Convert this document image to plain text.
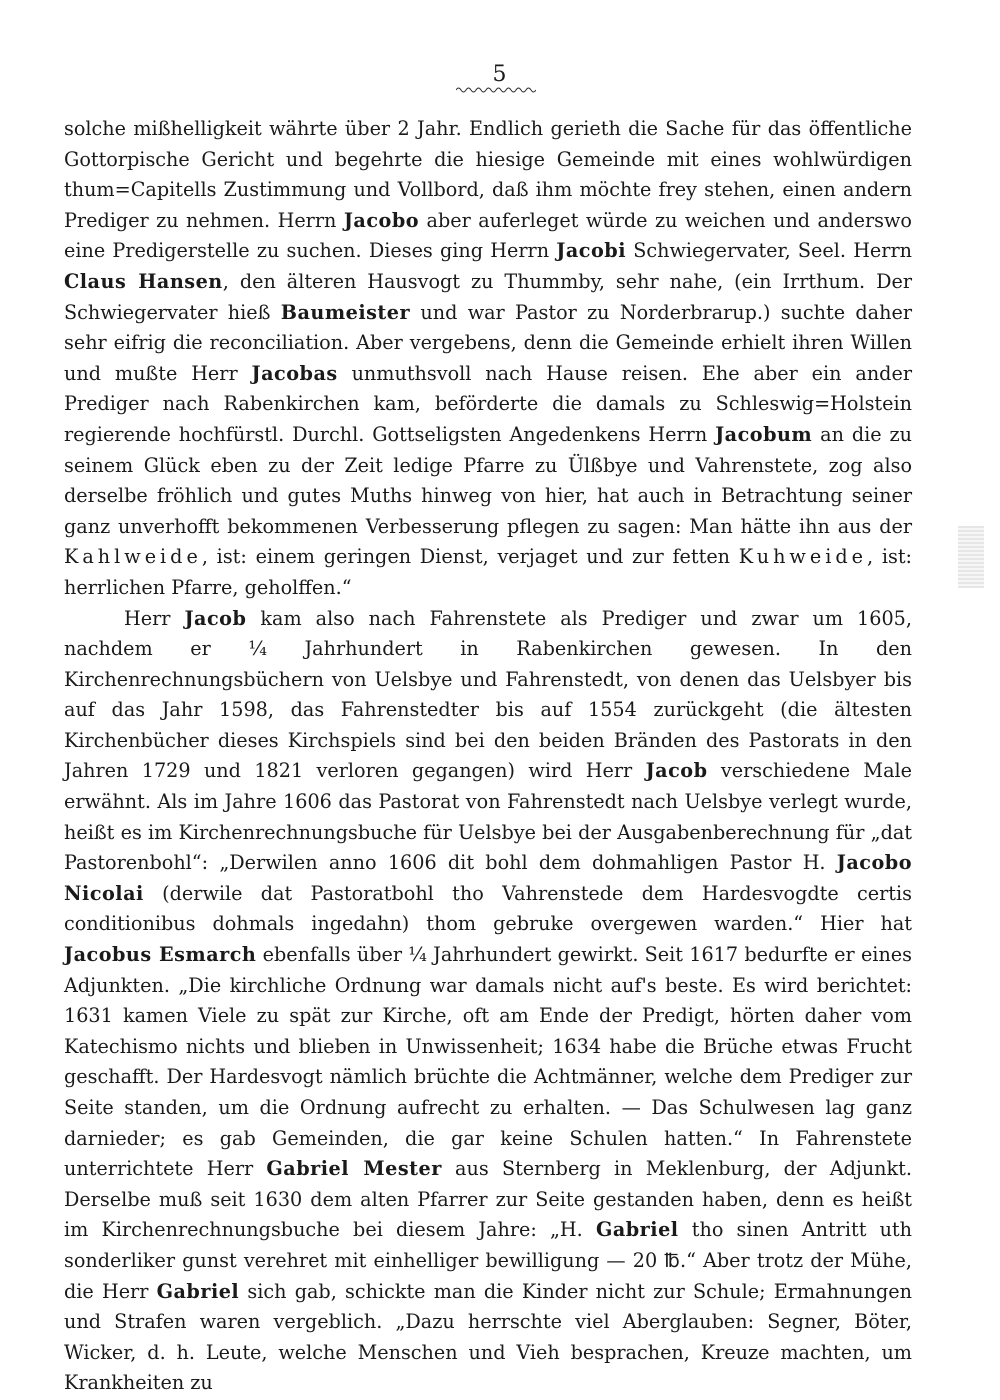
5

solche mißhelligkeit währte über 2 Jahr. Endlich gerieth die Sache für das öffentliche Gottorpische Gericht und begehrte die hiesige Gemeinde mit eines wohlwürdigen thum=Capitells Zustimmung und Vollbord, daß ihm möchte frey stehen, einen andern Prediger zu nehmen. Herrn Jacobo aber auferleget würde zu weichen und anderswo eine Predigerstelle zu suchen. Dieses ging Herrn Jacobi Schwiegervater, Seel. Herrn Claus Hansen, den älteren Hausvogt zu Thummby, sehr nahe, (ein Irrthum. Der Schwiegervater hieß Baumeister und war Pastor zu Norderbrarup.) suchte daher sehr eifrig die reconciliation. Aber vergebens, denn die Gemeinde erhielt ihren Willen und mußte Herr Jacobas unmuthsvoll nach Hause reisen. Ehe aber ein ander Prediger nach Rabenkirchen kam, beförderte die damals zu Schleswig=Holstein regierende hochfürstl. Durchl. Gottseligsten Angedenkens Herrn Jacobum an die zu seinem Glück eben zu der Zeit ledige Pfarre zu Ülßbye und Vahrenstete, zog also derselbe fröhlich und gutes Muths hinweg von hier, hat auch in Betrachtung seiner ganz unverhofft bekommenen Verbesserung pflegen zu sagen: Man hätte ihn aus der Kahlweide, ist: einem geringen Dienst, verjaget und zur fetten Kuhweide, ist: herrlichen Pfarre, geholffen.“

Herr Jacob kam also nach Fahrenstete als Prediger und zwar um 1605, nachdem er ¼ Jahrhundert in Rabenkirchen gewesen. In den Kirchenrechnungsbüchern von Uelsbye und Fahrenstedt, von denen das Uelsbyer bis auf das Jahr 1598, das Fahrenstedter bis auf 1554 zurückgeht (die ältesten Kirchenbücher dieses Kirchspiels sind bei den beiden Bränden des Pastorats in den Jahren 1729 und 1821 verloren gegangen) wird Herr Jacob verschiedene Male erwähnt. Als im Jahre 1606 das Pastorat von Fahrenstedt nach Uelsbye verlegt wurde, heißt es im Kirchenrechnungsbuche für Uelsbye bei der Ausgabenberechnung für „dat Pastorenbohl“: „Derwilen anno 1606 dit bohl dem dohmahligen Pastor H. Jacobo Nicolai (derwile dat Pastoratbohl tho Vahrenstede dem Hardesvogdte certis conditionibus dohmals ingedahn) thom gebruke overgewen warden.“ Hier hat Jacobus Esmarch ebenfalls über ¼ Jahrhundert gewirkt. Seit 1617 bedurfte er eines Adjunkten. „Die kirchliche Ordnung war damals nicht auf's beste. Es wird berichtet: 1631 kamen Viele zu spät zur Kirche, oft am Ende der Predigt, hörten daher vom Katechismo nichts und blieben in Unwissenheit; 1634 habe die Brüche etwas Frucht geschafft. Der Hardesvogt nämlich brüchte die Achtmänner, welche dem Prediger zur Seite standen, um die Ordnung aufrecht zu erhalten. — Das Schulwesen lag ganz darnieder; es gab Gemeinden, die gar keine Schulen hatten.“ In Fahrenstete unterrichtete Herr Gabriel Mester aus Sternberg in Meklenburg, der Adjunkt. Derselbe muß seit 1630 dem alten Pfarrer zur Seite gestanden haben, denn es heißt im Kirchenrechnungsbuche bei diesem Jahre: „H. Gabriel tho sinen Antritt uth sonderliker gunst verehret mit einhelliger bewilligung — 20 ℔.“ Aber trotz der Mühe, die Herr Gabriel sich gab, schickte man die Kinder nicht zur Schule; Ermahnungen und Strafen waren vergeblich. „Dazu herrschte viel Aberglauben: Segner, Böter, Wicker, d. h. Leute, welche Menschen und Vieh besprachen, Kreuze machten, um Krankheiten zu
